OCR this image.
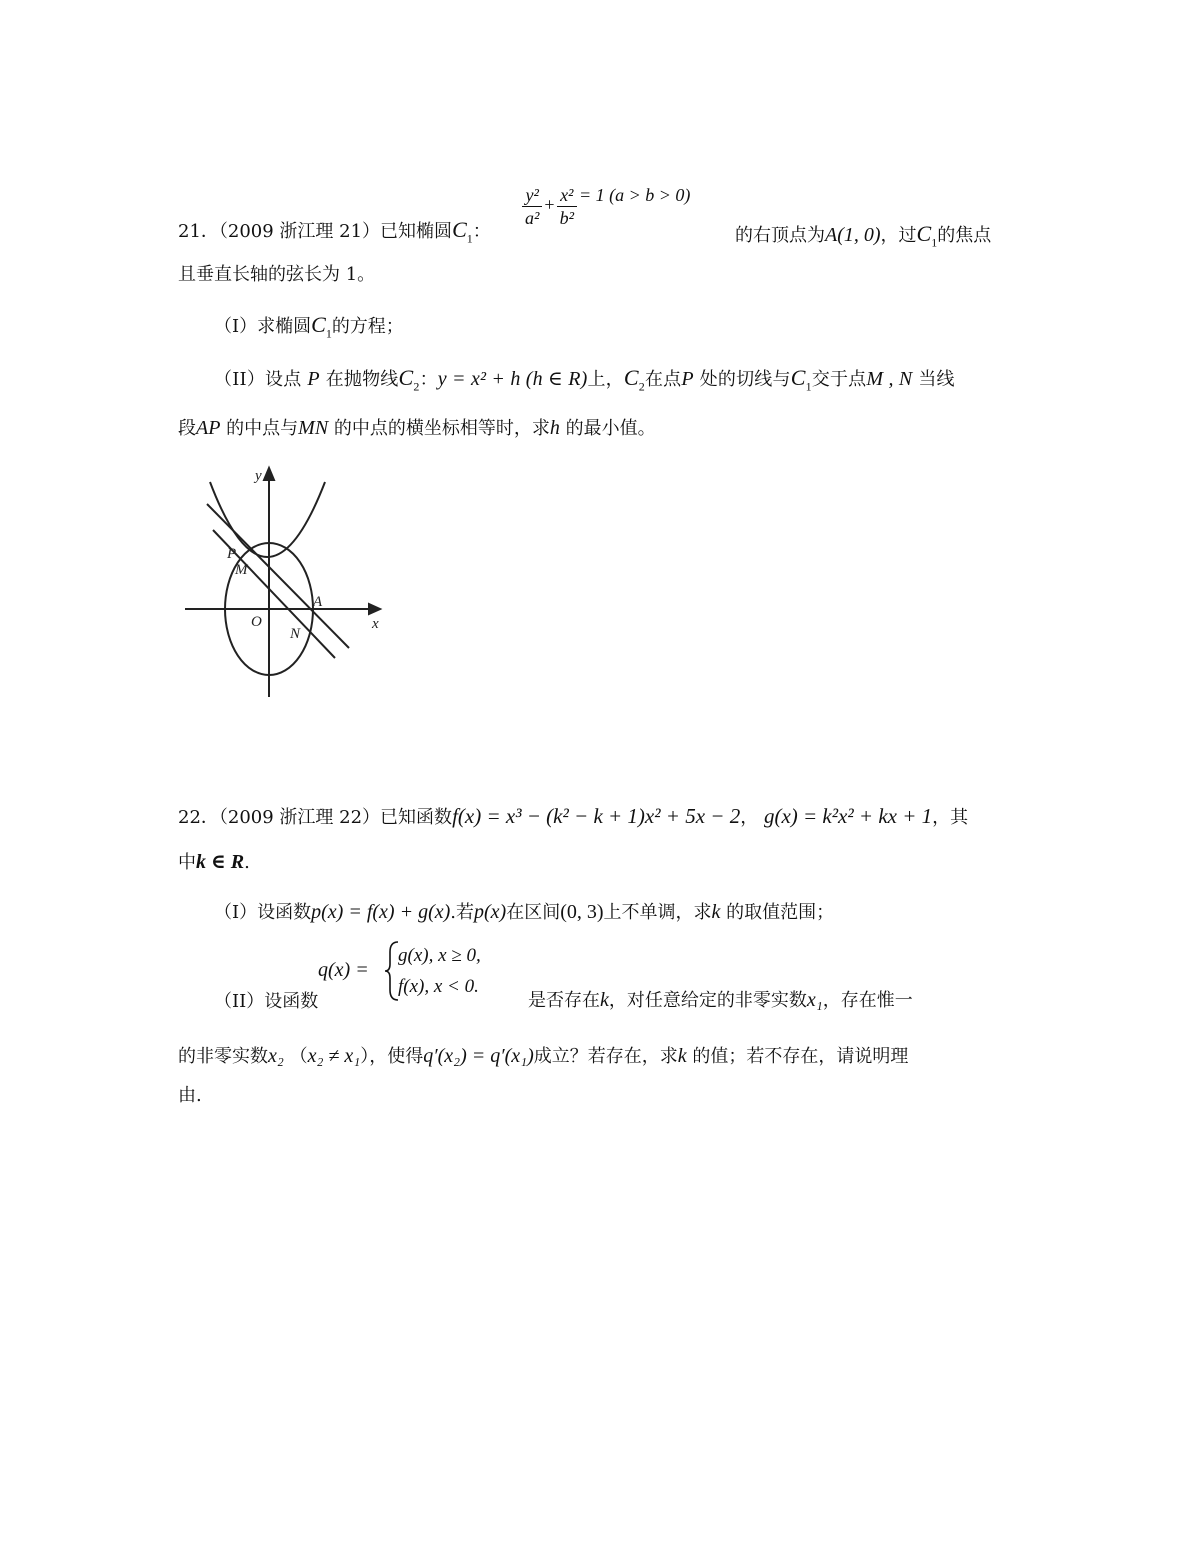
21．（2009 浙江理 21）已知椭圆$C_1$：
$\frac{\text{y²}}{\text{a²}} + \frac{\text{x²}}{\text{b²}} = 1$ (a > b > 0)
的右顶点为A(1, 0)，过$C_1$的焦点
且垂直长轴的弦长为 1。
（I）求椭圆$C_1$的方程；
（II）设点 P 在抛物线$C_2$：y = x² + h (h ∈ R)上，$C_2$在点P 处的切线与$C_1$交于点M , N 当线
段AP 的中点与MN 的中点的横坐标相等时，求h 的最小值。
y
x
O
P
M
A
N
22．（2009 浙江理 22）已知函数f(x) = x³ − (k² − k + 1)x² + 5x − 2， g(x) = k²x² + kx + 1，其
中k ∈ R.
（I）设函数p(x) = f(x) + g(x).若p(x)在区间(0, 3)上不单调，求k 的取值范围；
q(x) =
g(x), x ≥ 0,
f(x), x < 0.
（II）设函数	是否存在k，对任意给定的非零实数x₁，存在惟一
的非零实数x₂ （x₂ ≠ x₁），使得q′(x₂) = q′(x₁)成立？若存在，求k 的值；若不存在，请说明理
由.
